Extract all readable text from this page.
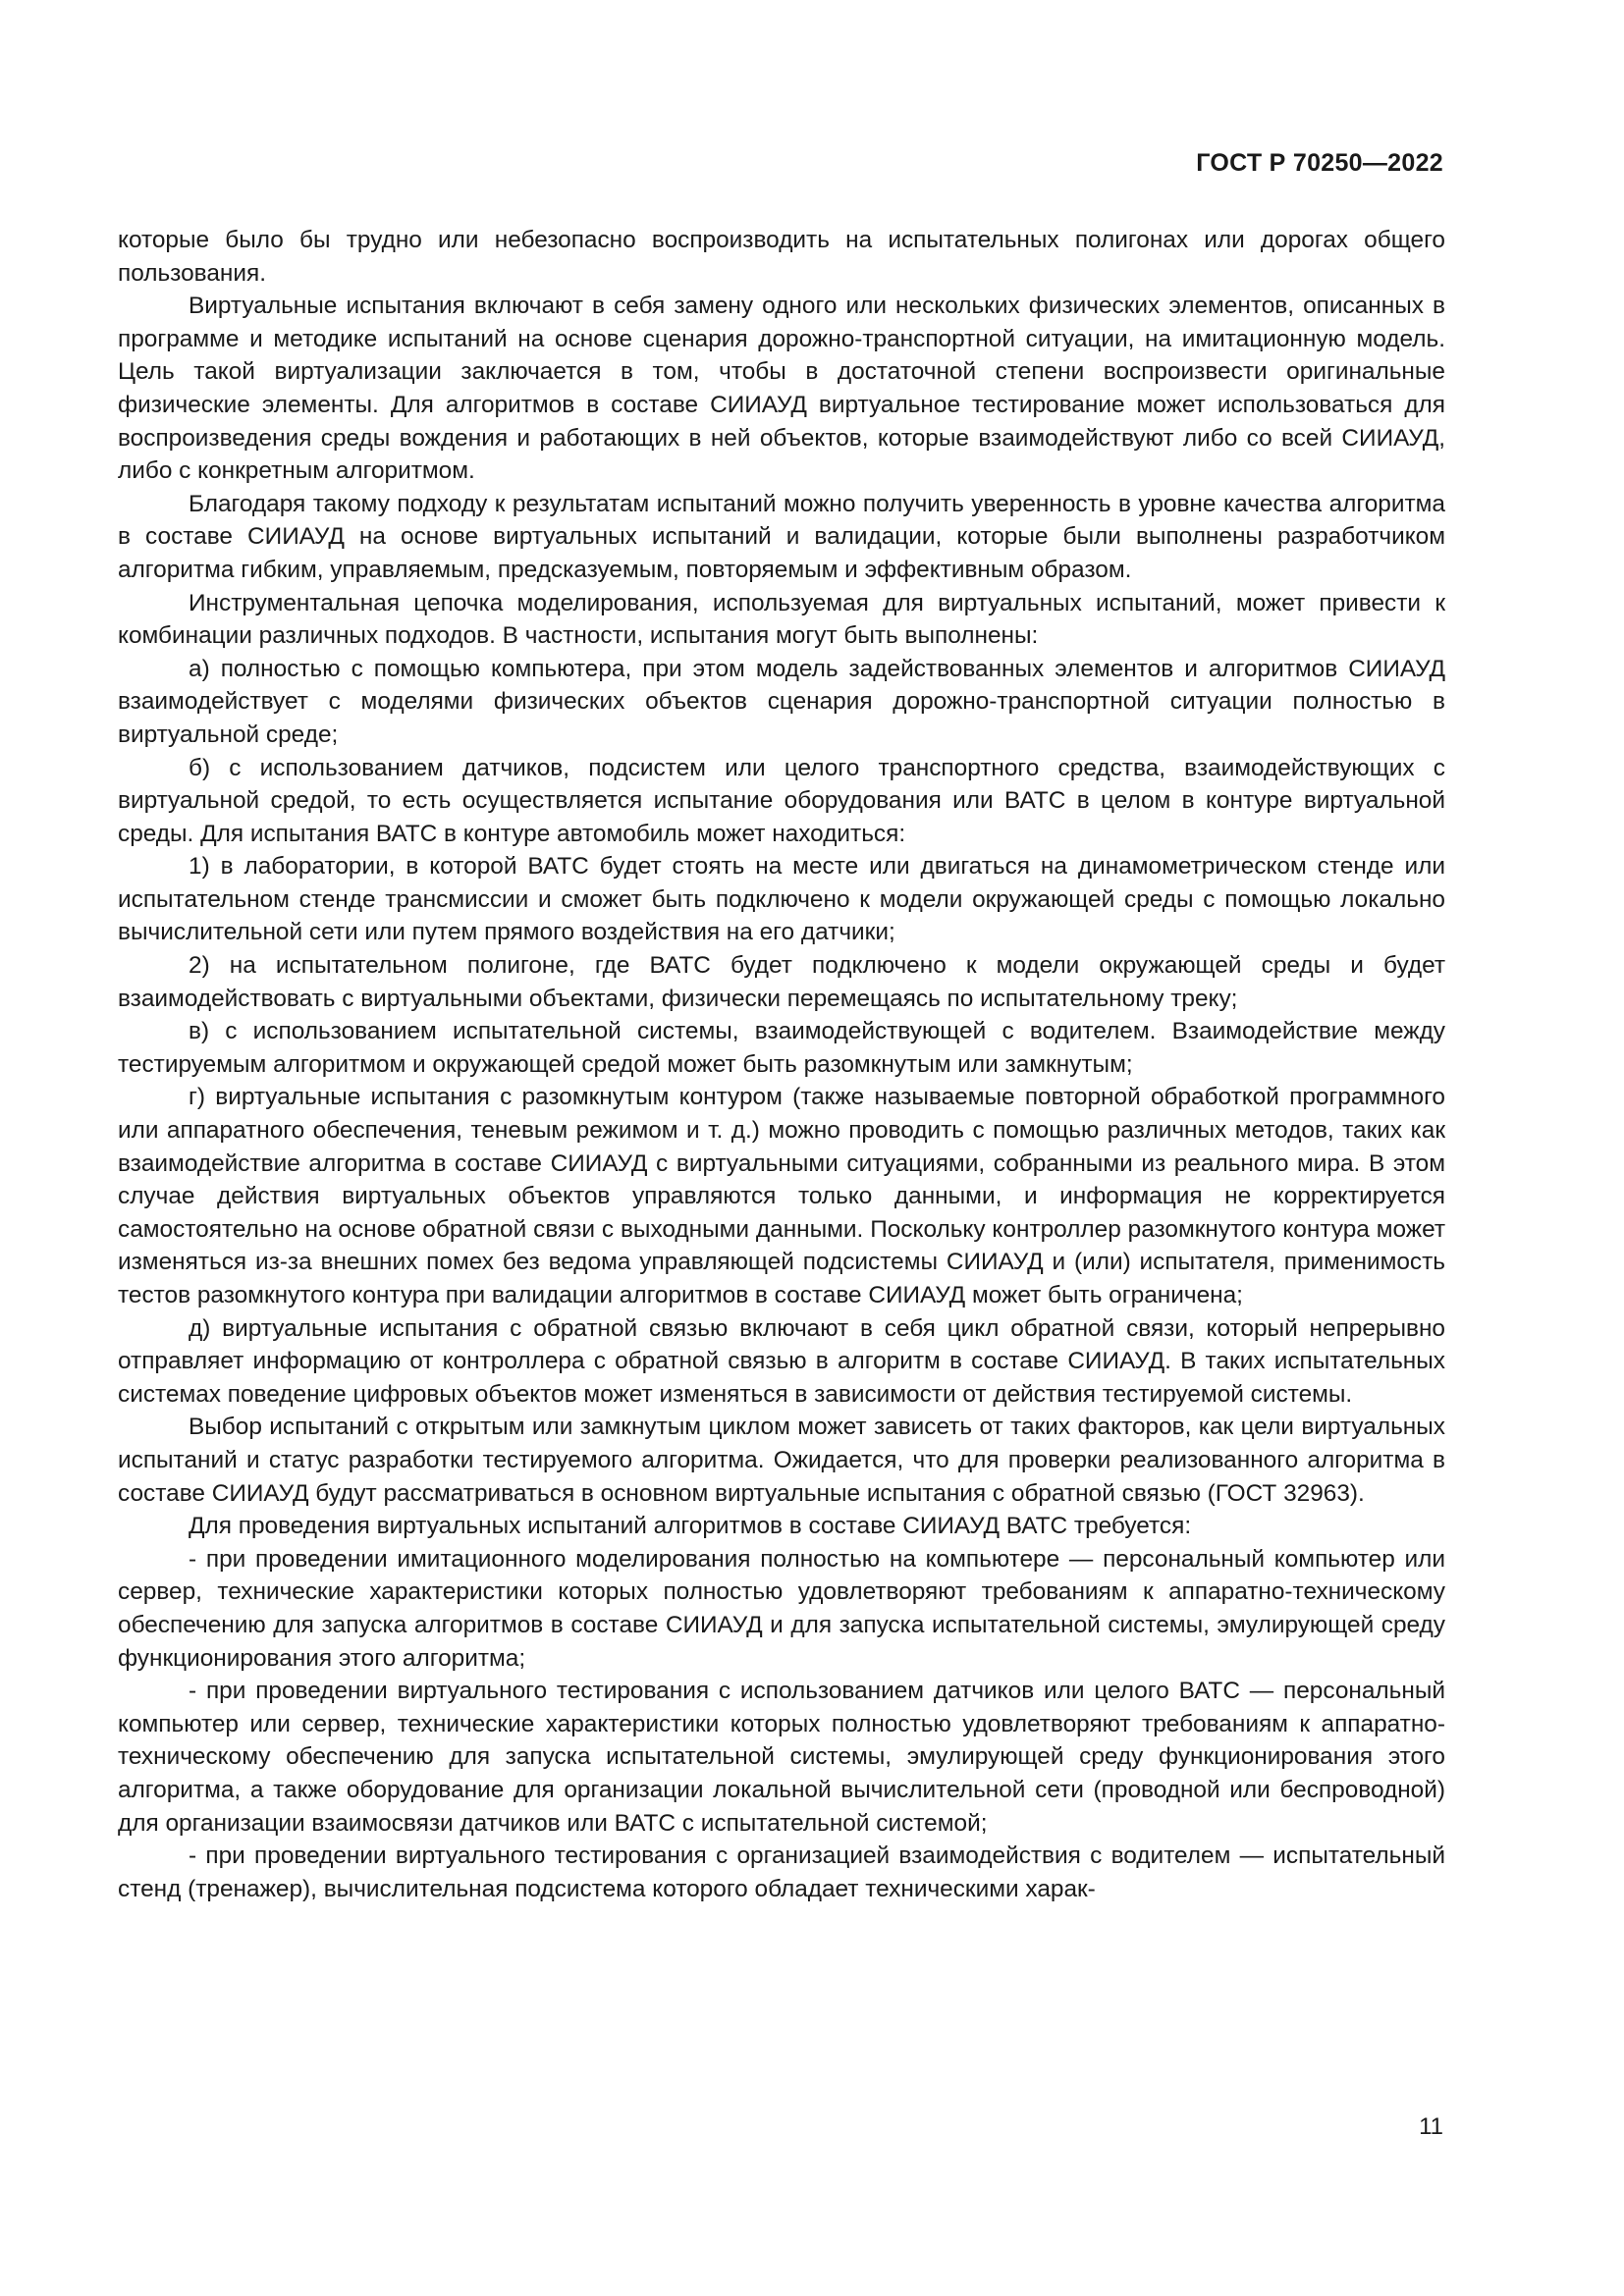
ГОСТ Р 70250—2022

которые было бы трудно или небезопасно воспроизводить на испытательных полигонах или дорогах общего пользования.

Виртуальные испытания включают в себя замену одного или нескольких физических элементов, описанных в программе и методике испытаний на основе сценария дорожно-транспортной ситуации, на имитационную модель. Цель такой виртуализации заключается в том, чтобы в достаточной степени воспроизвести оригинальные физические элементы. Для алгоритмов в составе СИИАУД виртуальное тестирование может использоваться для воспроизведения среды вождения и работающих в ней объектов, которые взаимодействуют либо со всей СИИАУД, либо с конкретным алгоритмом.

Благодаря такому подходу к результатам испытаний можно получить уверенность в уровне качества алгоритма в составе СИИАУД на основе виртуальных испытаний и валидации, которые были выполнены разработчиком алгоритма гибким, управляемым, предсказуемым, повторяемым и эффективным образом.

Инструментальная цепочка моделирования, используемая для виртуальных испытаний, может привести к комбинации различных подходов. В частности, испытания могут быть выполнены:

а) полностью с помощью компьютера, при этом модель задействованных элементов и алгоритмов СИИАУД взаимодействует с моделями физических объектов сценария дорожно-транспортной ситуации полностью в виртуальной среде;

б) с использованием датчиков, подсистем или целого транспортного средства, взаимодействующих с виртуальной средой, то есть осуществляется испытание оборудования или ВАТС в целом в контуре виртуальной среды. Для испытания ВАТС в контуре автомобиль может находиться:

1) в лаборатории, в которой ВАТС будет стоять на месте или двигаться на динамометрическом стенде или испытательном стенде трансмиссии и сможет быть подключено к модели окружающей среды с помощью локально вычислительной сети или путем прямого воздействия на его датчики;

2) на испытательном полигоне, где ВАТС будет подключено к модели окружающей среды и будет взаимодействовать с виртуальными объектами, физически перемещаясь по испытательному треку;

в) с использованием испытательной системы, взаимодействующей с водителем. Взаимодействие между тестируемым алгоритмом и окружающей средой может быть разомкнутым или замкнутым;

г) виртуальные испытания с разомкнутым контуром (также называемые повторной обработкой программного или аппаратного обеспечения, теневым режимом и т. д.) можно проводить с помощью различных методов, таких как взаимодействие алгоритма в составе СИИАУД с виртуальными ситуациями, собранными из реального мира. В этом случае действия виртуальных объектов управляются только данными, и информация не корректируется самостоятельно на основе обратной связи с выходными данными. Поскольку контроллер разомкнутого контура может изменяться из-за внешних помех без ведома управляющей подсистемы СИИАУД и (или) испытателя, применимость тестов разомкнутого контура при валидации алгоритмов в составе СИИАУД может быть ограничена;

д) виртуальные испытания с обратной связью включают в себя цикл обратной связи, который непрерывно отправляет информацию от контроллера с обратной связью в алгоритм в составе СИИАУД. В таких испытательных системах поведение цифровых объектов может изменяться в зависимости от действия тестируемой системы.

Выбор испытаний с открытым или замкнутым циклом может зависеть от таких факторов, как цели виртуальных испытаний и статус разработки тестируемого алгоритма. Ожидается, что для проверки реализованного алгоритма в составе СИИАУД будут рассматриваться в основном виртуальные испытания с обратной связью (ГОСТ 32963).

Для проведения виртуальных испытаний алгоритмов в составе СИИАУД ВАТС требуется:

- при проведении имитационного моделирования полностью на компьютере — персональный компьютер или сервер, технические характеристики которых полностью удовлетворяют требованиям к аппаратно-техническому обеспечению для запуска алгоритмов в составе СИИАУД и для запуска испытательной системы, эмулирующей среду функционирования этого алгоритма;

- при проведении виртуального тестирования с использованием датчиков или целого ВАТС — персональный компьютер или сервер, технические характеристики которых полностью удовлетворяют требованиям к аппаратно-техническому обеспечению для запуска испытательной системы, эмулирующей среду функционирования этого алгоритма, а также оборудование для организации локальной вычислительной сети (проводной или беспроводной) для организации взаимосвязи датчиков или ВАТС с испытательной системой;

- при проведении виртуального тестирования с организацией взаимодействия с водителем — испытательный стенд (тренажер), вычислительная подсистема которого обладает техническими харак-

11
